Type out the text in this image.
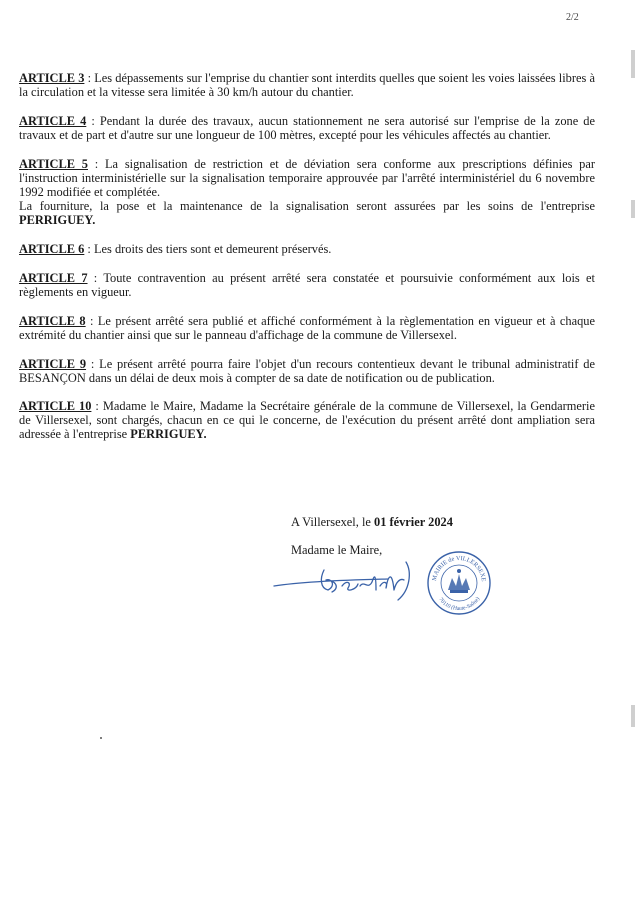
2/2

ARTICLE 3 : Les dépassements sur l'emprise du chantier sont interdits quelles que soient les voies laissées libres à la circulation et la vitesse sera limitée à 30 km/h autour du chantier.

ARTICLE 4 : Pendant la durée des travaux, aucun stationnement ne sera autorisé sur l'emprise de la zone de travaux et de part et d'autre sur une longueur de 100 mètres, excepté pour les véhicules affectés au chantier.

ARTICLE 5 : La signalisation de restriction et de déviation sera conforme aux prescriptions définies par l'instruction interministérielle sur la signalisation temporaire approuvée par l'arrêté interministériel du 6 novembre 1992 modifiée et complétée.
La fourniture, la pose et la maintenance de la signalisation seront assurées par les soins de l'entreprise PERRIGUEY.

ARTICLE 6 : Les droits des tiers sont et demeurent préservés.

ARTICLE 7 : Toute contravention au présent arrêté sera constatée et poursuivie conformément aux lois et règlements en vigueur.

ARTICLE 8 : Le présent arrêté sera publié et affiché conformément à la règlementation en vigueur et à chaque extrémité du chantier ainsi que sur le panneau d'affichage de la commune de Villersexel.

ARTICLE 9 : Le présent arrêté pourra faire l'objet d'un recours contentieux devant le tribunal administratif de BESANÇON dans un délai de deux mois à compter de sa date de notification ou de publication.

ARTICLE 10 : Madame le Maire, Madame la Secrétaire générale de la commune de Villersexel, la Gendarmerie de Villersexel, sont chargés, chacun en ce qui le concerne, de l'exécution du présent arrêté dont ampliation sera adressée à l'entreprise PERRIGUEY.

A Villersexel, le 01 février 2024
Madame le Maire,
MAIRIE de VILLERSEXE
70110 (Haute-Saône)
